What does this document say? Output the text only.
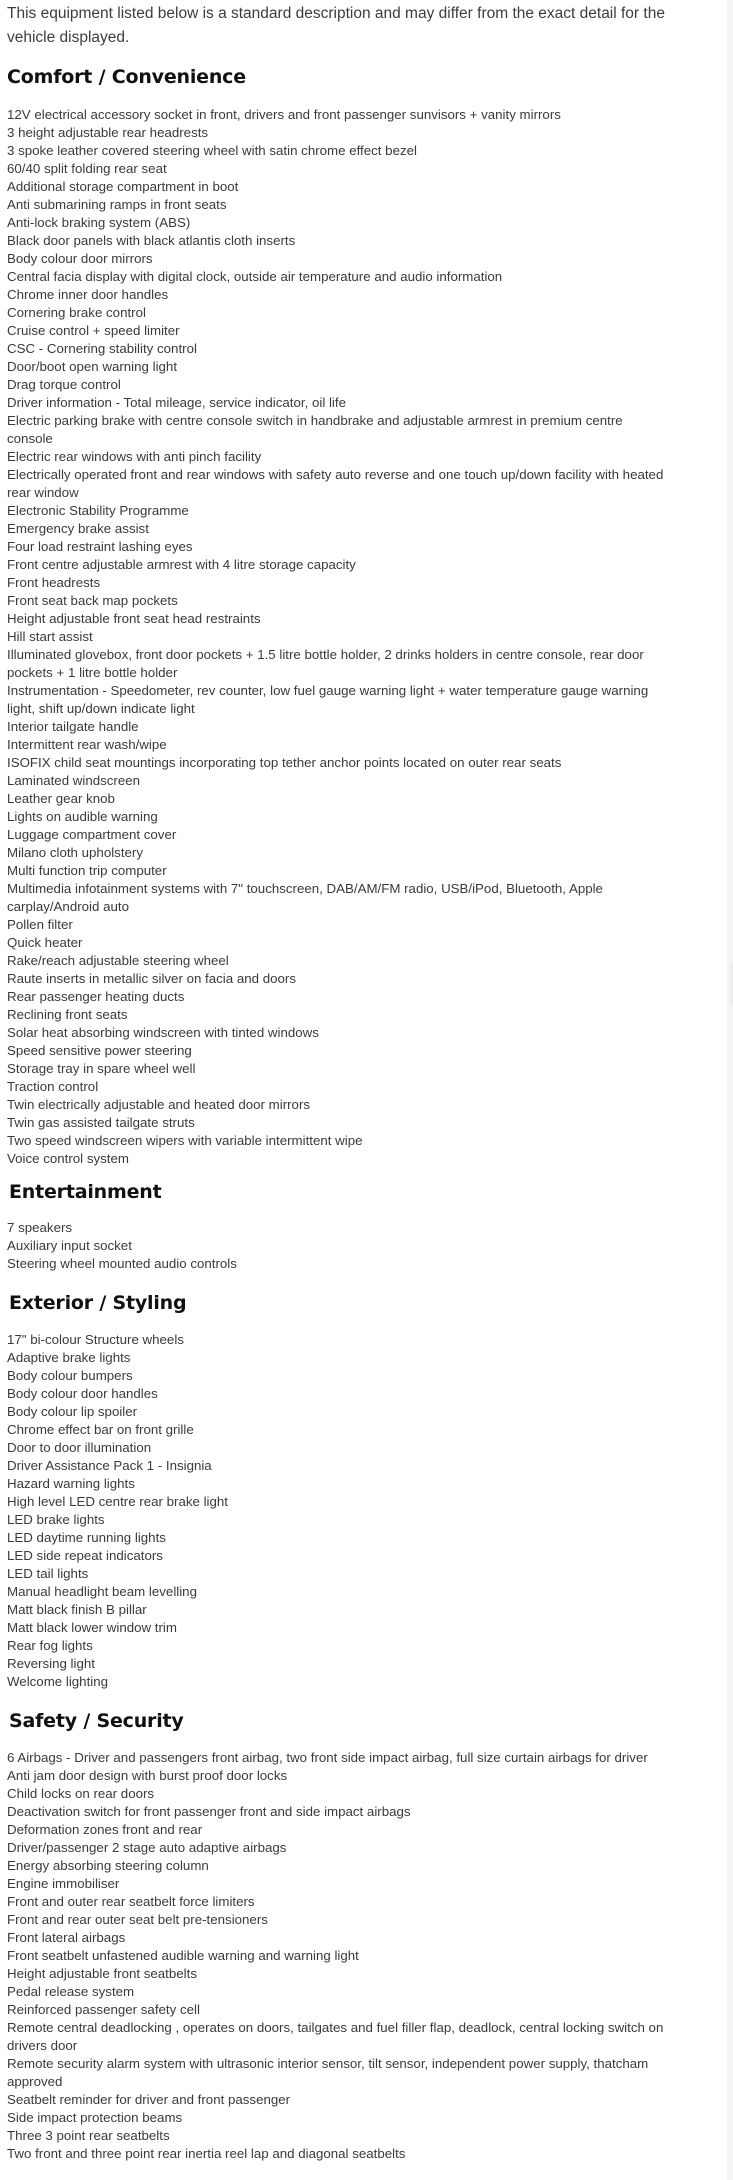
This equipment listed below is a standard description and may differ from the exact detail for the vehicle displayed.
Comfort / Convenience
12V electrical accessory socket in front, drivers and front passenger sunvisors + vanity mirrors
3 height adjustable rear headrests
3 spoke leather covered steering wheel with satin chrome effect bezel
60/40 split folding rear seat
Additional storage compartment in boot
Anti submarining ramps in front seats
Anti-lock braking system (ABS)
Black door panels with black atlantis cloth inserts
Body colour door mirrors
Central facia display with digital clock, outside air temperature and audio information
Chrome inner door handles
Cornering brake control
Cruise control + speed limiter
CSC - Cornering stability control
Door/boot open warning light
Drag torque control
Driver information - Total mileage, service indicator, oil life
Electric parking brake with centre console switch in handbrake and adjustable armrest in premium centre console
Electric rear windows with anti pinch facility
Electrically operated front and rear windows with safety auto reverse and one touch up/down facility with heated rear window
Electronic Stability Programme
Emergency brake assist
Four load restraint lashing eyes
Front centre adjustable armrest with 4 litre storage capacity
Front headrests
Front seat back map pockets
Height adjustable front seat head restraints
Hill start assist
Illuminated glovebox, front door pockets + 1.5 litre bottle holder, 2 drinks holders in centre console, rear door pockets + 1 litre bottle holder
Instrumentation - Speedometer, rev counter, low fuel gauge warning light + water temperature gauge warning light, shift up/down indicate light
Interior tailgate handle
Intermittent rear wash/wipe
ISOFIX child seat mountings incorporating top tether anchor points located on outer rear seats
Laminated windscreen
Leather gear knob
Lights on audible warning
Luggage compartment cover
Milano cloth upholstery
Multi function trip computer
Multimedia infotainment systems with 7" touchscreen, DAB/AM/FM radio, USB/iPod, Bluetooth, Apple carplay/Android auto
Pollen filter
Quick heater
Rake/reach adjustable steering wheel
Raute inserts in metallic silver on facia and doors
Rear passenger heating ducts
Reclining front seats
Solar heat absorbing windscreen with tinted windows
Speed sensitive power steering
Storage tray in spare wheel well
Traction control
Twin electrically adjustable and heated door mirrors
Twin gas assisted tailgate struts
Two speed windscreen wipers with variable intermittent wipe
Voice control system
Entertainment
7 speakers
Auxiliary input socket
Steering wheel mounted audio controls
Exterior / Styling
17" bi-colour Structure wheels
Adaptive brake lights
Body colour bumpers
Body colour door handles
Body colour lip spoiler
Chrome effect bar on front grille
Door to door illumination
Driver Assistance Pack 1 - Insignia
Hazard warning lights
High level LED centre rear brake light
LED brake lights
LED daytime running lights
LED side repeat indicators
LED tail lights
Manual headlight beam levelling
Matt black finish B pillar
Matt black lower window trim
Rear fog lights
Reversing light
Welcome lighting
Safety / Security
6 Airbags - Driver and passengers front airbag, two front side impact airbag, full size curtain airbags for driver
Anti jam door design with burst proof door locks
Child locks on rear doors
Deactivation switch for front passenger front and side impact airbags
Deformation zones front and rear
Driver/passenger 2 stage auto adaptive airbags
Energy absorbing steering column
Engine immobiliser
Front and outer rear seatbelt force limiters
Front and rear outer seat belt pre-tensioners
Front lateral airbags
Front seatbelt unfastened audible warning and warning light
Height adjustable front seatbelts
Pedal release system
Reinforced passenger safety cell
Remote central deadlocking , operates on doors, tailgates and fuel filler flap, deadlock, central locking switch on drivers door
Remote security alarm system with ultrasonic interior sensor, tilt sensor, independent power supply, thatcham approved
Seatbelt reminder for driver and front passenger
Side impact protection beams
Three 3 point rear seatbelts
Two front and three point rear inertia reel lap and diagonal seatbelts
